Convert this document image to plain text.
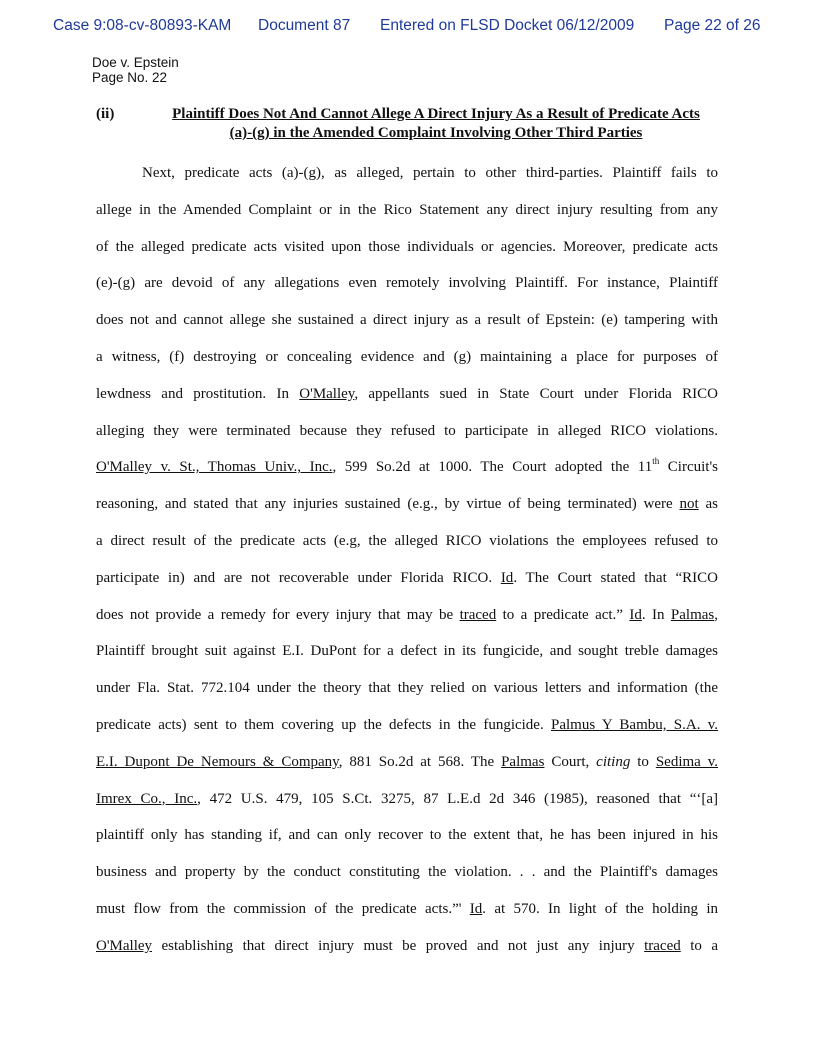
Case 9:08-cv-80893-KAM Document 87 Entered on FLSD Docket 06/12/2009 Page 22 of 26
Doe v. Epstein
Page No. 22
(ii)	Plaintiff Does Not And Cannot Allege A Direct Injury As a Result of Predicate Acts
(a)-(g) in the Amended Complaint Involving Other Third Parties
Next, predicate acts (a)-(g), as alleged, pertain to other third-parties. Plaintiff fails to
allege in the Amended Complaint or in the Rico Statement any direct injury resulting from any
of the alleged predicate acts visited upon those individuals or agencies. Moreover, predicate acts
(e)-(g) are devoid of any allegations even remotely involving Plaintiff. For instance, Plaintiff
does not and cannot allege she sustained a direct injury as a result of Epstein: (e) tampering with
a witness, (f) destroying or concealing evidence and (g) maintaining a place for purposes of
lewdness and prostitution. In O'Malley, appellants sued in State Court under Florida RICO
alleging they were terminated because they refused to participate in alleged RICO violations.
O'Malley v. St., Thomas Univ., Inc., 599 So.2d at 1000. The Court adopted the 11th Circuit's
reasoning, and stated that any injuries sustained (e.g., by virtue of being terminated) were not as
a direct result of the predicate acts (e.g, the alleged RICO violations the employees refused to
participate in) and are not recoverable under Florida RICO. Id. The Court stated that “RICO
does not provide a remedy for every injury that may be traced to a predicate act.” Id. In Palmas,
Plaintiff brought suit against E.I. DuPont for a defect in its fungicide, and sought treble damages
under Fla. Stat. 772.104 under the theory that they relied on various letters and information (the
predicate acts) sent to them covering up the defects in the fungicide. Palmus Y Bambu, S.A. v.
E.I. Dupont De Nemours & Company, 881 So.2d at 568. The Palmas Court, citing to Sedima v.
Imrex Co., Inc., 472 U.S. 479, 105 S.Ct. 3275, 87 L.E.d 2d 346 (1985), reasoned that “‘[a]
plaintiff only has standing if, and can only recover to the extent that, he has been injured in his
business and property by the conduct constituting the violation. . . and the Plaintiff's damages
must flow from the commission of the predicate acts.”' Id. at 570. In light of the holding in
O'Malley establishing that direct injury must be proved and not just any injury traced to a
